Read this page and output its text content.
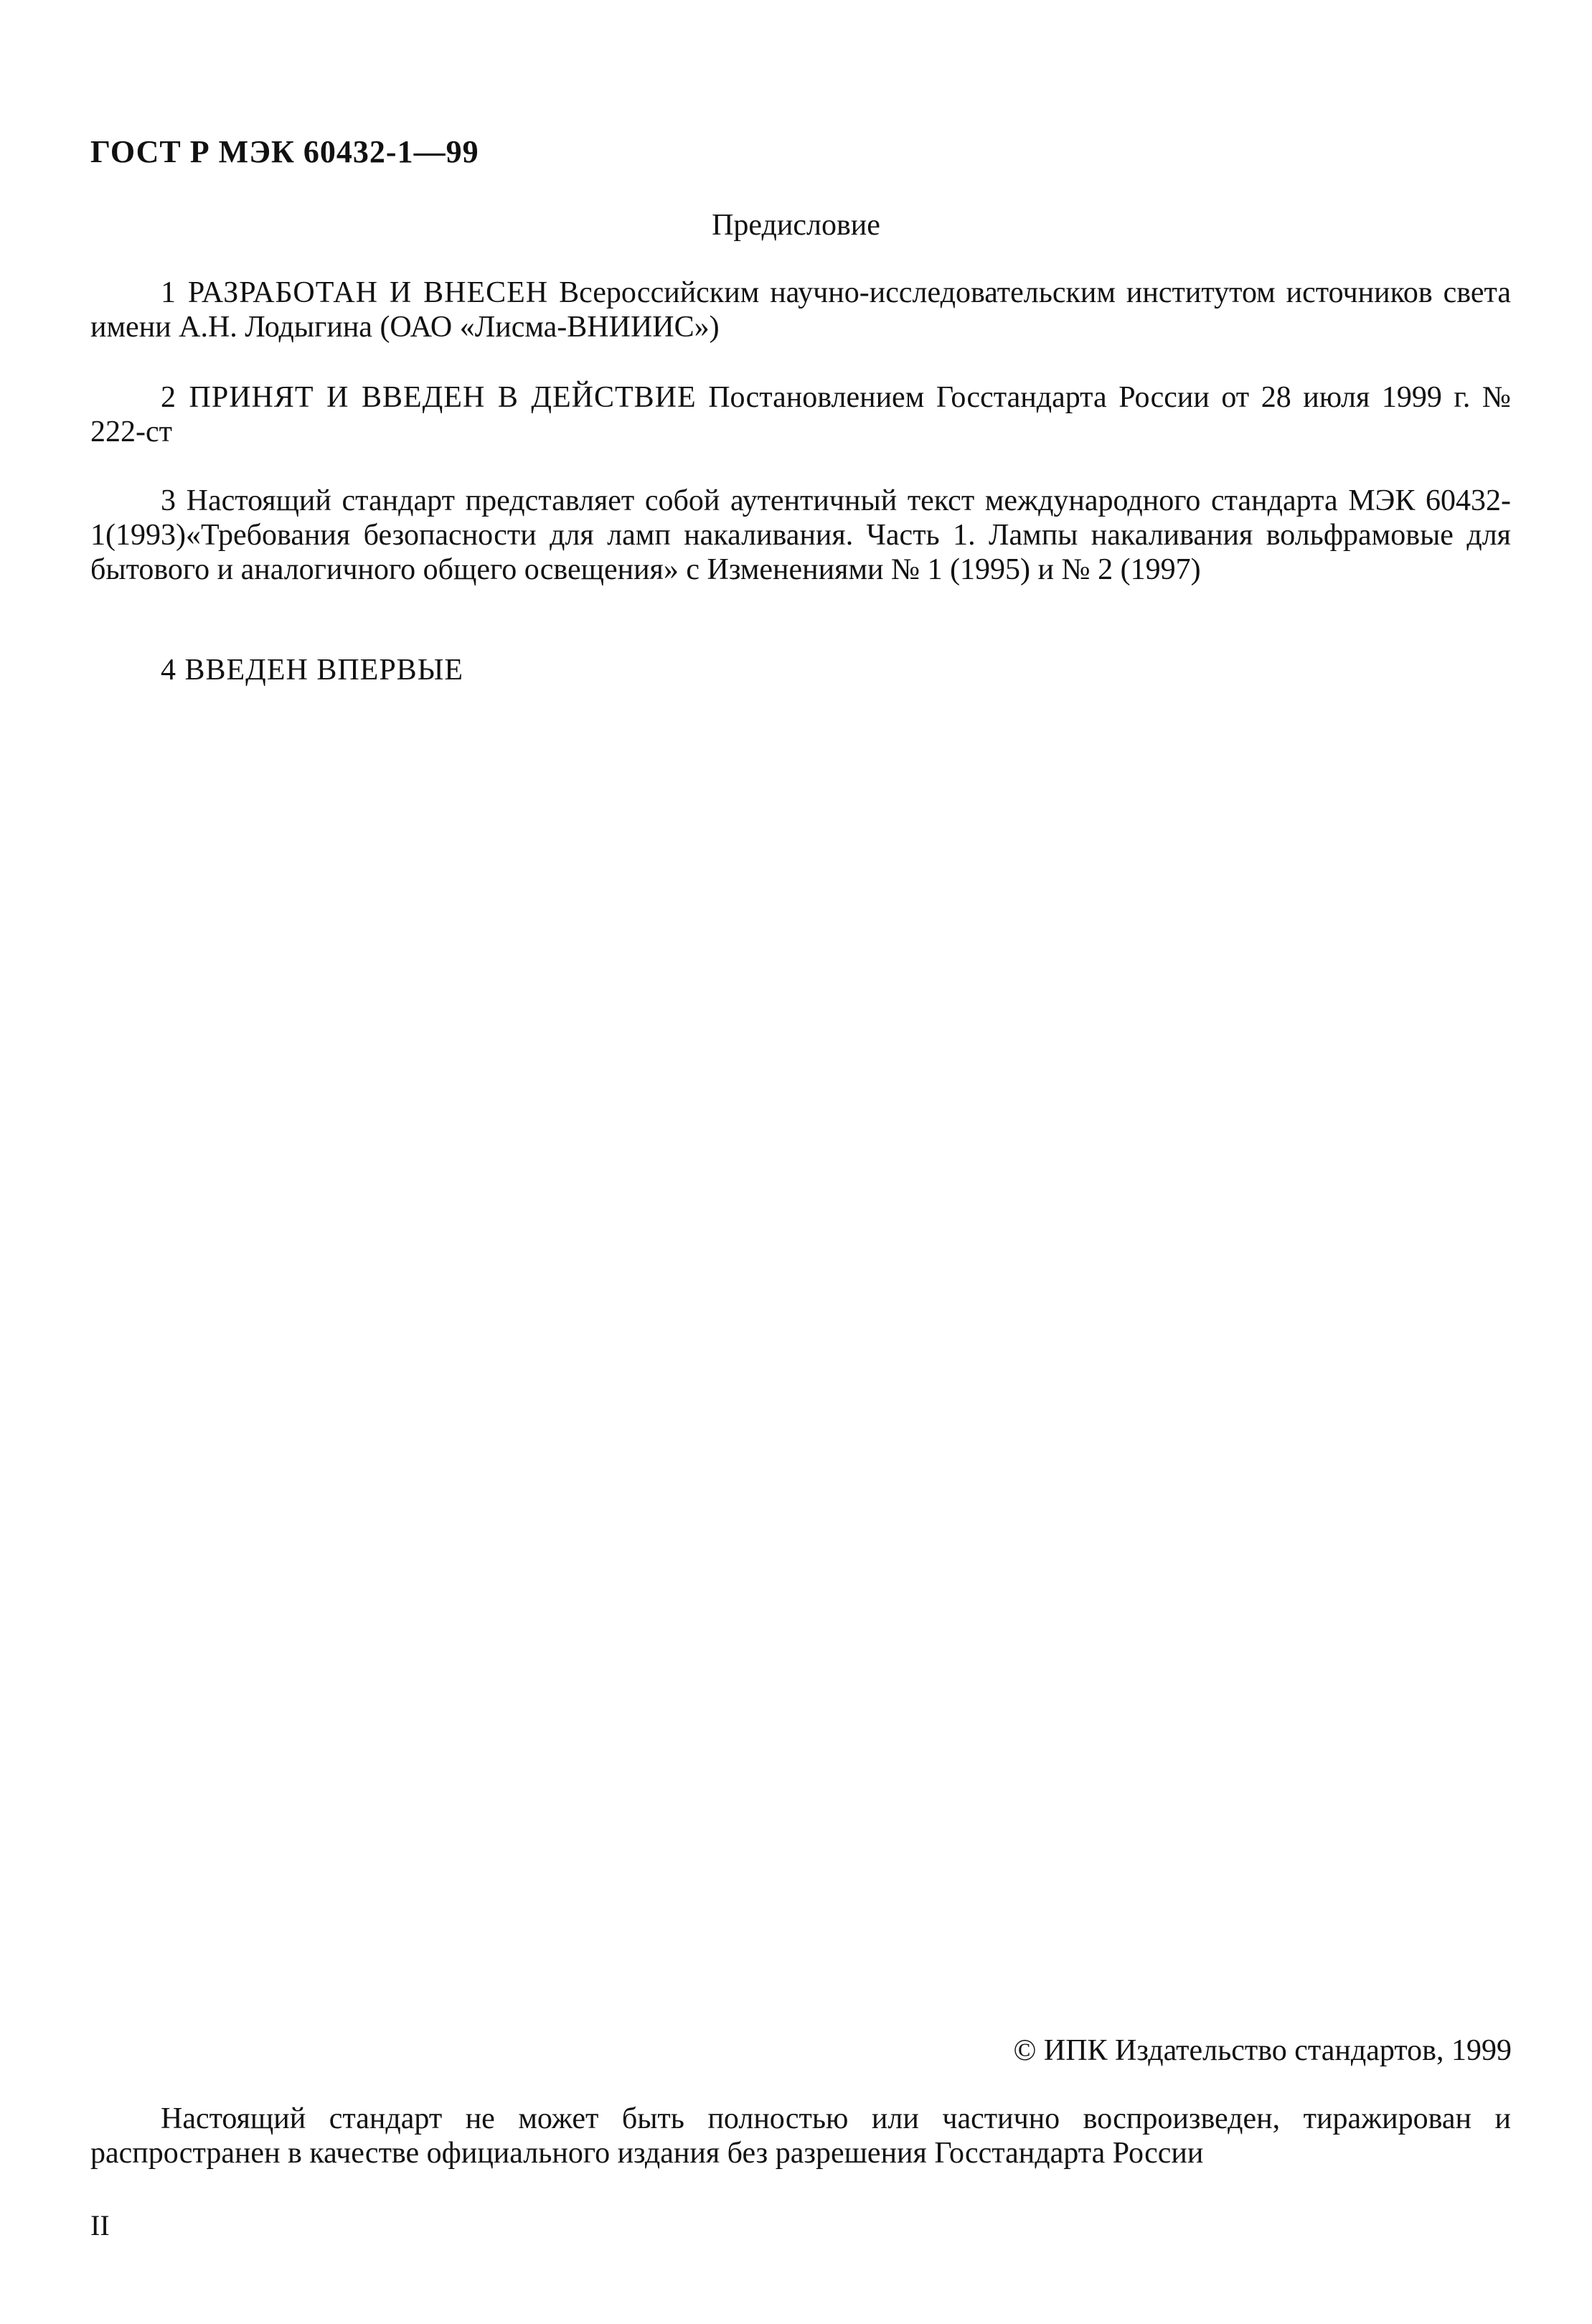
ГОСТ Р МЭК 60432-1—99
Предисловие
1 РАЗРАБОТАН И ВНЕСЕН Всероссийским научно-исследовательским институтом источников света имени А.Н. Лодыгина (ОАО «Лисма-ВНИИИС»)
2 ПРИНЯТ И ВВЕДЕН В ДЕЙСТВИЕ Постановлением Госстандарта России от 28 июля 1999 г. № 222-ст
3 Настоящий стандарт представляет собой аутентичный текст международного стандарта МЭК 60432-1(1993)«Требования безопасности для ламп накаливания. Часть 1. Лампы накаливания вольфрамовые для бытового и аналогичного общего освещения» с Изменениями № 1 (1995) и № 2 (1997)
4 ВВЕДЕН ВПЕРВЫЕ
© ИПК Издательство стандартов, 1999
Настоящий стандарт не может быть полностью или частично воспроизведен, тиражирован и распространен в качестве официального издания без разрешения Госстандарта России
II
